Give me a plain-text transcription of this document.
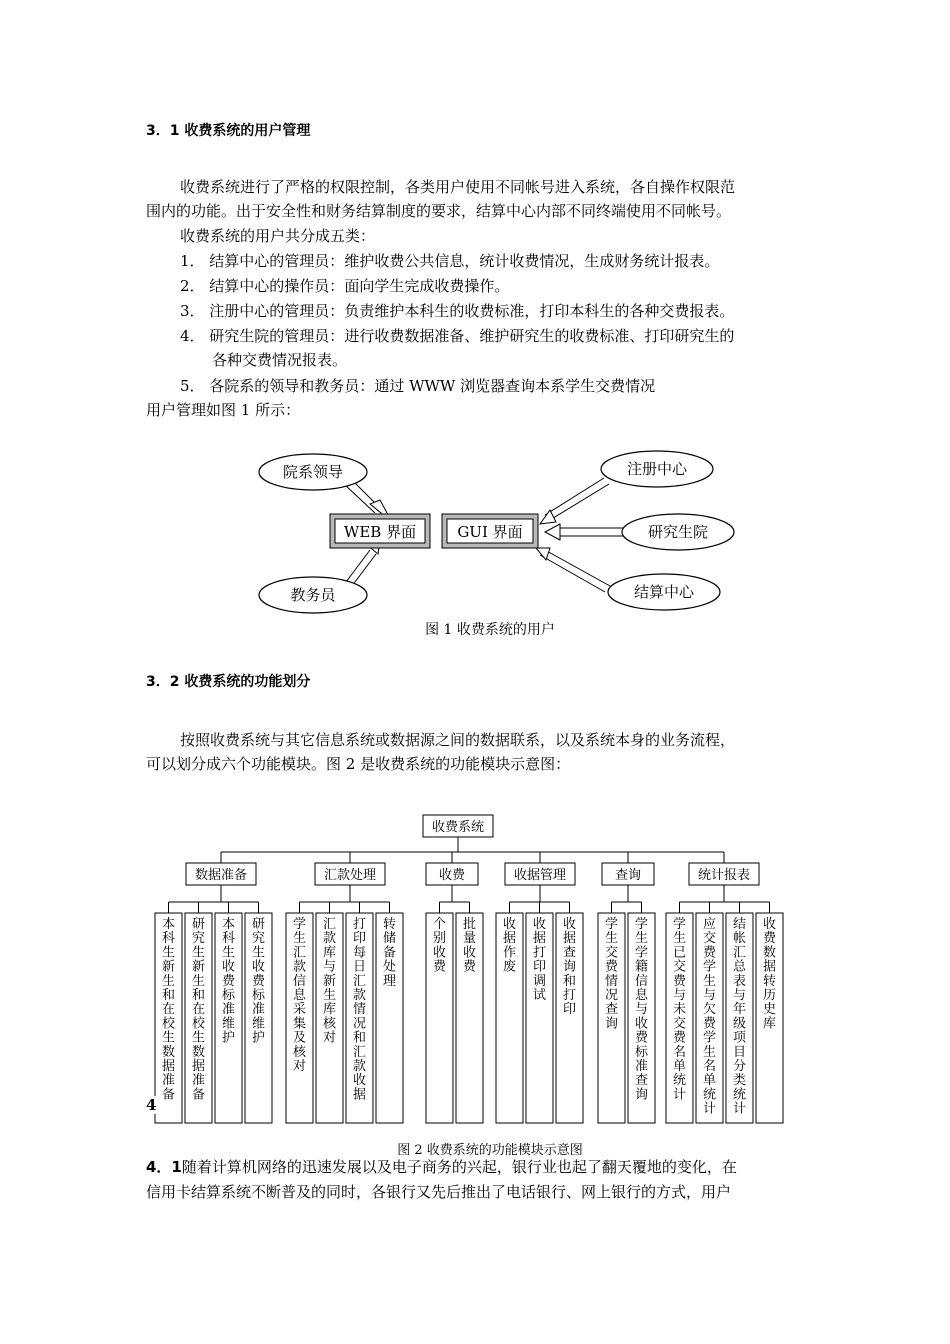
3．1 收费系统的用户管理
收费系统进行了严格的权限控制，各类用户使用不同帐号进入系统，各自操作权限范
围内的功能。出于安全性和财务结算制度的要求，结算中心内部不同终端使用不同帐号。
收费系统的用户共分成五类：
1． 结算中心的管理员：维护收费公共信息，统计收费情况，生成财务统计报表。
2． 结算中心的操作员：面向学生完成收费操作。
3． 注册中心的管理员：负责维护本科生的收费标准，打印本科生的各种交费报表。
4． 研究生院的管理员：进行收费数据准备、维护研究生的收费标准、打印研究生的
各种交费情况报表。
5． 各院系的领导和教务员：通过 WWW 浏览器查询本系学生交费情况
用户管理如图 1 所示：
院系领导
教务员
注册中心
研究生院
结算中心
WEB 界面	GUI 界面
图 1 收费系统的用户
3．2 收费系统的功能划分
按照收费系统与其它信息系统或数据源之间的数据联系，以及系统本身的业务流程，
可以划分成六个功能模块。图 2 是收费系统的功能模块示意图：
收费系统
数据准备
本
科
生
新
生
和
在
校
生
数
据
准
备
研
究
生
新
生
和
在
校
生
数
据
准
备
本
科
生
收
费
标
准
维
护
研
究
生
收
费
标
准
维
护
汇款处理
学
生
汇
款
信
息
采
集
及
核
对
汇
款
库
与
新
生
库
核
对
打
印
每
日
汇
款
情
况
和
汇
款
收
据
转
储
备
处
理
收费
个
别
收
费
批
量
收
费
收据管理
收
据
作
废
收
据
打
印
调
试
收
据
查
询
和
打
印
查询
学
生
交
费
情
况
查
询
学
生
学
籍
信
息
与
收
费
标
准
查
询
统计报表
学
生
已
交
费
与
未
交
费
名
单
统
计
应
交
费
学
生
与
欠
费
学
生
名
单
统
计
结
帐
汇
总
表
与
年
级
项
目
分
类
统
计
收
费
数
据
转
历
史
库
4
图 2 收费系统的功能模块示意图
4．1随着计算机网络的迅速发展以及电子商务的兴起，银行业也起了翻天覆地的变化，在
信用卡结算系统不断普及的同时，各银行又先后推出了电话银行、网上银行的方式，用户
